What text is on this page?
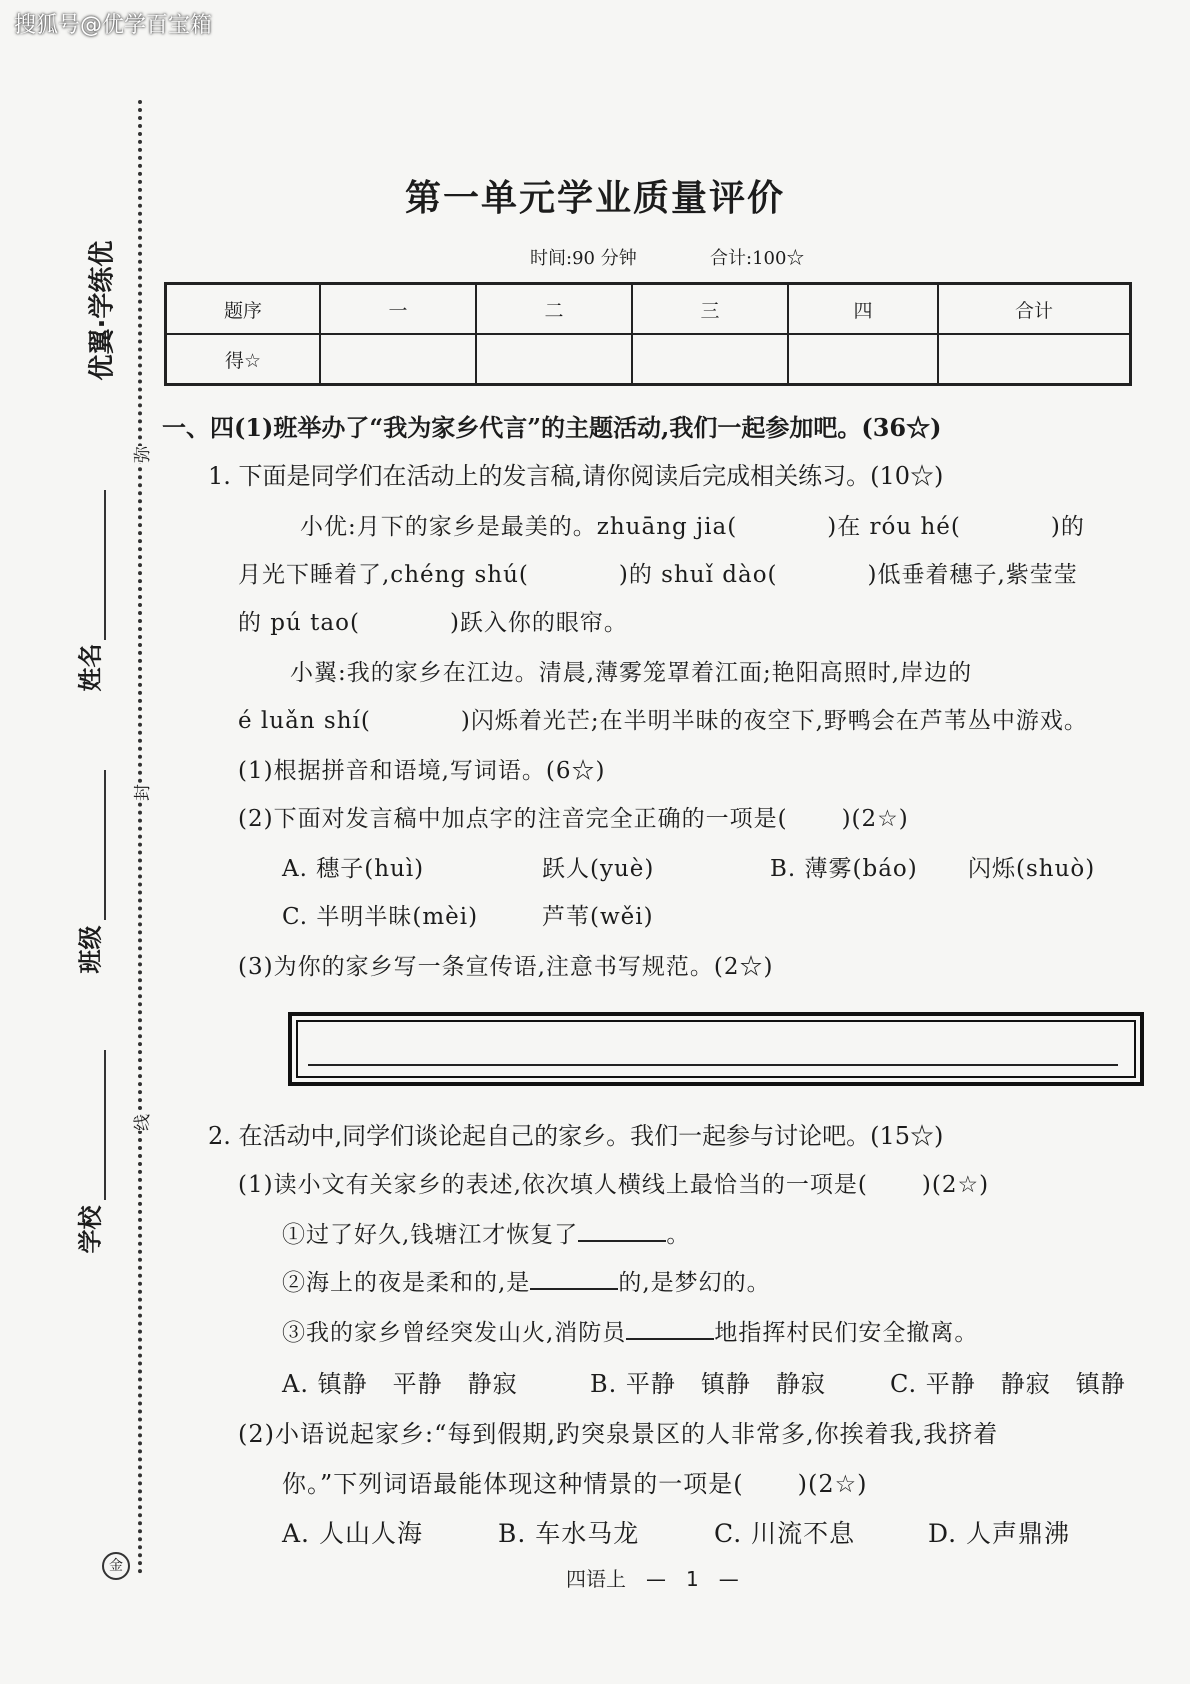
搜狐号@优学百宝箱
优翼·学练优
姓名
班级
学校
弥
封
线
金
第一单元学业质量评价
时间:90 分钟	合计:100☆
题序	一	二	三	四	合计
得☆					
一、四(1)班举办了“我为家乡代言”的主题活动,我们一起参加吧。(36☆)
1. 下面是同学们在活动上的发言稿,请你阅读后完成相关练习。(10☆)
小优:月下的家乡是最美的。zhuāng jia(	)在 róu hé(	)的
月光下睡着了,chéng shú(	)的 shuǐ dào(	)低垂着穗子,紫莹莹
的 pú tao(	)跃入你的眼帘。
小翼:我的家乡在江边。清晨,薄雾笼罩着江面;艳阳高照时,岸边的
é luǎn shí(	)闪烁着光芒;在半明半昧的夜空下,野鸭会在芦苇丛中游戏。
(1)根据拼音和语境,写词语。(6☆)
(2)下面对发言稿中加点字的注音完全正确的一项是( )(2☆)
A. 穗子(huì)	跃人(yuè)	B. 薄雾(báo) 闪烁(shuò)
C. 半明半昧(mèi)	芦苇(wěi)
(3)为你的家乡写一条宣传语,注意书写规范。(2☆)
2. 在活动中,同学们谈论起自己的家乡。我们一起参与讨论吧。(15☆)
(1)读小文有关家乡的表述,依次填人横线上最恰当的一项是( )(2☆)
①过了好久,钱塘江才恢复了	。
②海上的夜是柔和的,是	的,是梦幻的。
③我的家乡曾经突发山火,消防员	地指挥村民们安全撤离。
A. 镇静　平静　静寂	B. 平静　镇静　静寂	C. 平静　静寂　镇静
(2)小语说起家乡:“每到假期,趵突泉景区的人非常多,你挨着我,我挤着
你。”下列词语最能体现这种情景的一项是( )(2☆)
A. 人山人海	B. 车水马龙	C. 川流不息	D. 人声鼎沸
四语上　—　1　—
